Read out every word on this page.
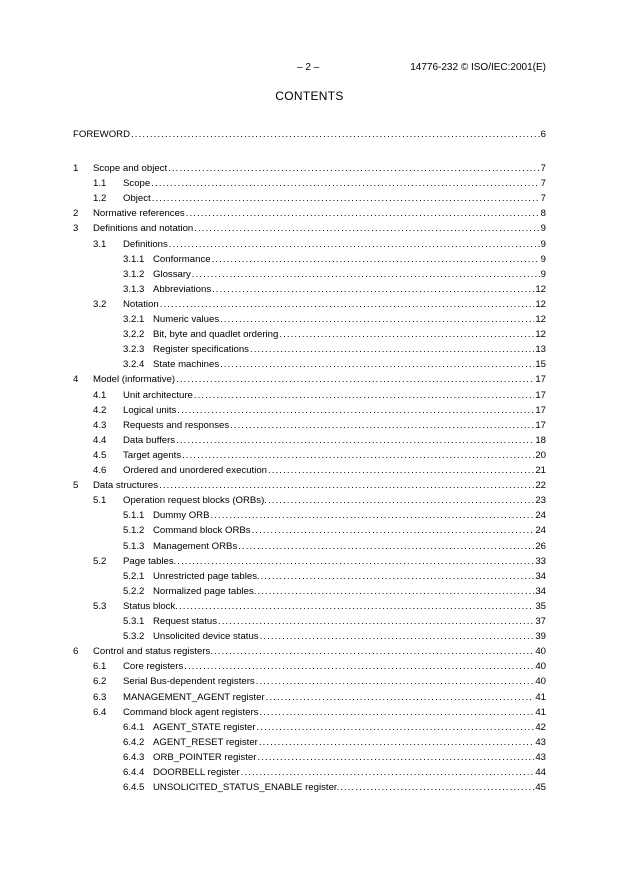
– 2 –	14776-232 © ISO/IEC:2001(E)
CONTENTS
FOREWORD .....	6
1 Scope and object .....	7
1.1 Scope .....	7
1.2 Object .....	7
2 Normative references .....	8
3 Definitions and notation .....	9
3.1 Definitions .....	9
3.1.1 Conformance .....	9
3.1.2 Glossary .....	9
3.1.3 Abbreviations .....	12
3.2 Notation .....	12
3.2.1 Numeric values .....	12
3.2.2 Bit, byte and quadlet ordering .....	12
3.2.3 Register specifications .....	13
3.2.4 State machines .....	15
4 Model (informative) .....	17
4.1 Unit architecture .....	17
4.2 Logical units .....	17
4.3 Requests and responses .....	17
4.4 Data buffers .....	18
4.5 Target agents .....	20
4.6 Ordered and unordered execution .....	21
5 Data structures .....	22
5.1 Operation request blocks (ORBs). .....	23
5.1.1 Dummy ORB .....	24
5.1.2 Command block ORBs .....	24
5.1.3 Management ORBs .....	26
5.2 Page tables. .....	33
5.2.1 Unrestricted page tables. .....	34
5.2.2 Normalized page tables. .....	34
5.3 Status block. .....	35
5.3.1 Request status .....	37
5.3.2 Unsolicited device status .....	39
6 Control and status registers. .....	40
6.1 Core registers .....	40
6.2 Serial Bus-dependent registers .....	40
6.3 MANAGEMENT_AGENT register .....	41
6.4 Command block agent registers .....	41
6.4.1 AGENT_STATE register .....	42
6.4.2 AGENT_RESET register .....	43
6.4.3 ORB_POINTER register .....	43
6.4.4 DOORBELL register .....	44
6.4.5 UNSOLICITED_STATUS_ENABLE register. .....	45
